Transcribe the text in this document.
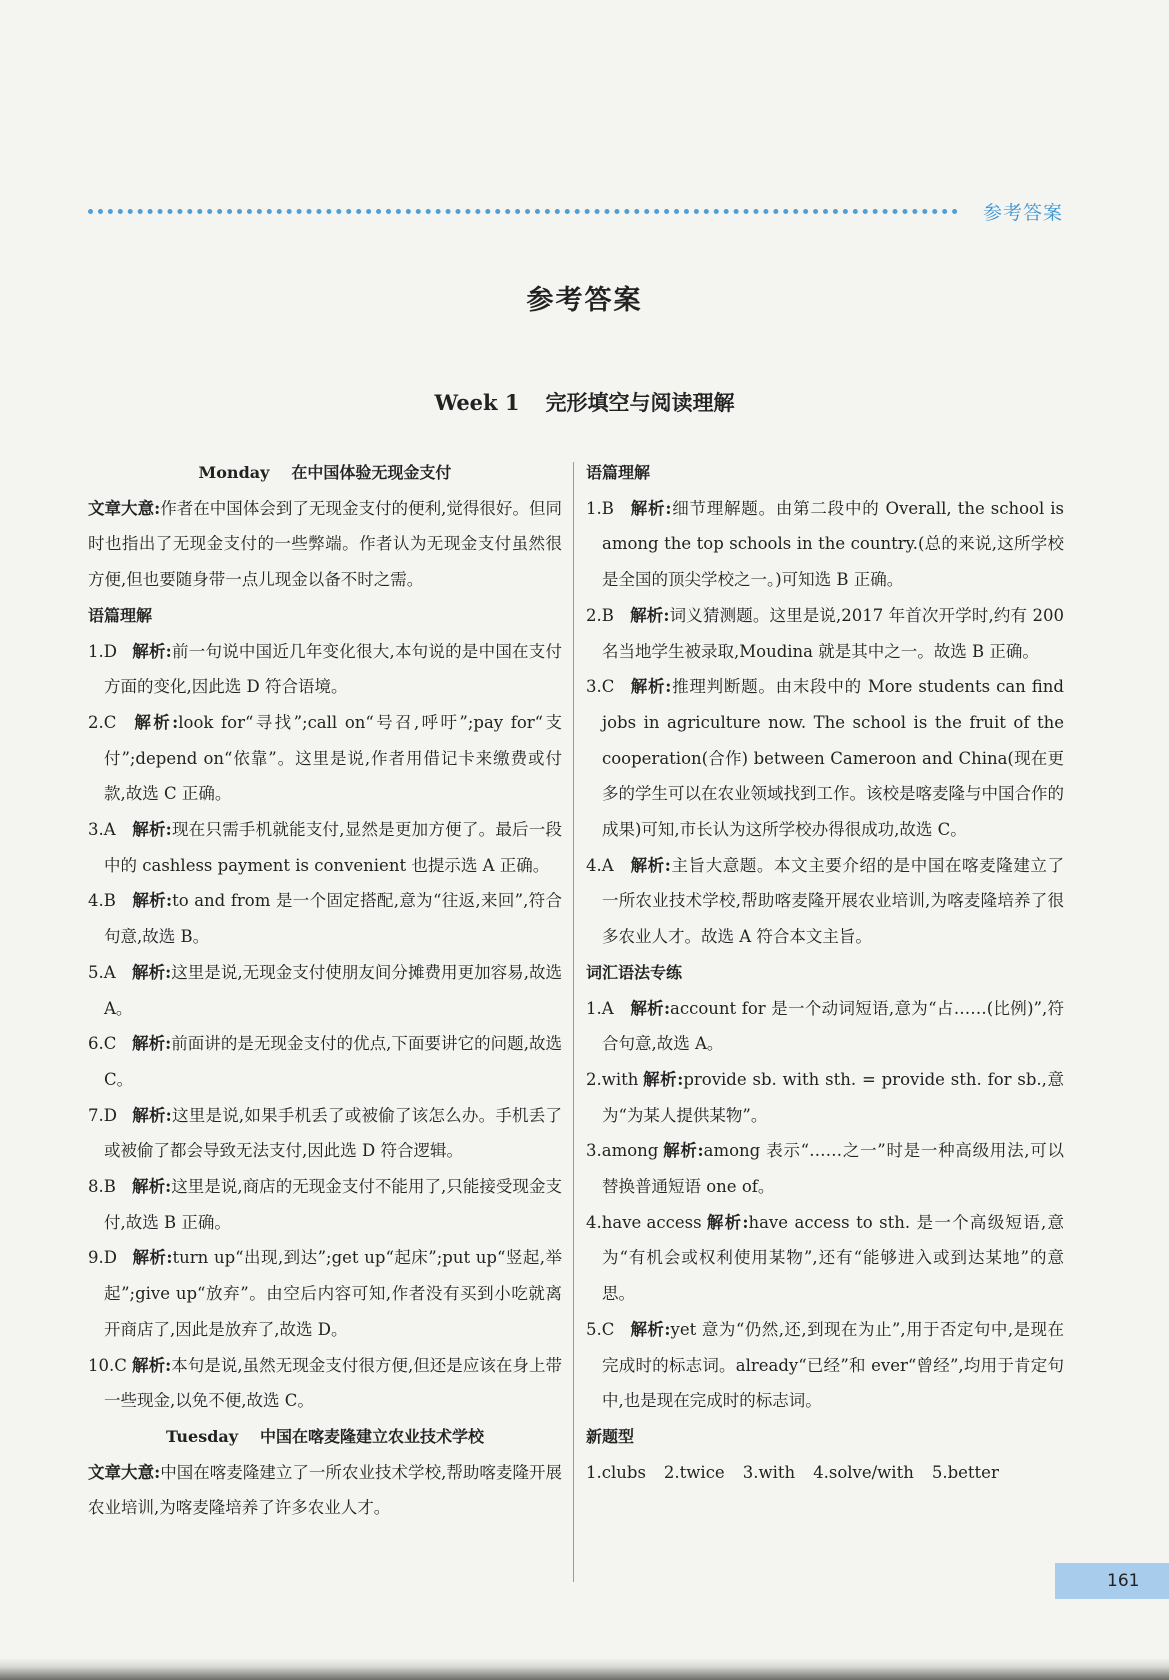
参考答案
参考答案
Week 1 完形填空与阅读理解
Monday 在中国体验无现金支付
文章大意:作者在中国体会到了无现金支付的便利,觉得很好。但同时也指出了无现金支付的一些弊端。作者认为无现金支付虽然很方便,但也要随身带一点儿现金以备不时之需。
语篇理解
1.D 解析:前一句说中国近几年变化很大,本句说的是中国在支付方面的变化,因此选 D 符合语境。
2.C 解析:look for“寻找”;call on“号召,呼吁”;pay for“支付”;depend on“依靠”。这里是说,作者用借记卡来缴费或付款,故选 C 正确。
3.A 解析:现在只需手机就能支付,显然是更加方便了。最后一段中的 cashless payment is convenient 也提示选 A 正确。
4.B 解析:to and from 是一个固定搭配,意为“往返,来回”,符合句意,故选 B。
5.A 解析:这里是说,无现金支付使朋友间分摊费用更加容易,故选 A。
6.C 解析:前面讲的是无现金支付的优点,下面要讲它的问题,故选 C。
7.D 解析:这里是说,如果手机丢了或被偷了该怎么办。手机丢了或被偷了都会导致无法支付,因此选 D 符合逻辑。
8.B 解析:这里是说,商店的无现金支付不能用了,只能接受现金支付,故选 B 正确。
9.D 解析:turn up“出现,到达”;get up“起床”;put up“竖起,举起”;give up“放弃”。由空后内容可知,作者没有买到小吃就离开商店了,因此是放弃了,故选 D。
10.C 解析:本句是说,虽然无现金支付很方便,但还是应该在身上带一些现金,以免不便,故选 C。
Tuesday 中国在喀麦隆建立农业技术学校
文章大意:中国在喀麦隆建立了一所农业技术学校,帮助喀麦隆开展农业培训,为喀麦隆培养了许多农业人才。
语篇理解
1.B 解析:细节理解题。由第二段中的 Overall, the school is among the top schools in the country.(总的来说,这所学校是全国的顶尖学校之一。)可知选 B 正确。
2.B 解析:词义猜测题。这里是说,2017 年首次开学时,约有 200 名当地学生被录取,Moudina 就是其中之一。故选 B 正确。
3.C 解析:推理判断题。由末段中的 More students can find jobs in agriculture now. The school is the fruit of the cooperation(合作) between Cameroon and China(现在更多的学生可以在农业领域找到工作。该校是喀麦隆与中国合作的成果)可知,市长认为这所学校办得很成功,故选 C。
4.A 解析:主旨大意题。本文主要介绍的是中国在喀麦隆建立了一所农业技术学校,帮助喀麦隆开展农业培训,为喀麦隆培养了很多农业人才。故选 A 符合本文主旨。
词汇语法专练
1.A 解析:account for 是一个动词短语,意为“占……(比例)”,符合句意,故选 A。
2.with 解析:provide sb. with sth. = provide sth. for sb.,意为“为某人提供某物”。
3.among 解析:among 表示“……之一”时是一种高级用法,可以替换普通短语 one of。
4.have access 解析:have access to sth. 是一个高级短语,意为“有机会或权利使用某物”,还有“能够进入或到达某地”的意思。
5.C 解析:yet 意为“仍然,还,到现在为止”,用于否定句中,是现在完成时的标志词。already“已经”和 ever“曾经”,均用于肯定句中,也是现在完成时的标志词。
新题型
1.clubs 2.twice 3.with 4.solve/with 5.better
161
